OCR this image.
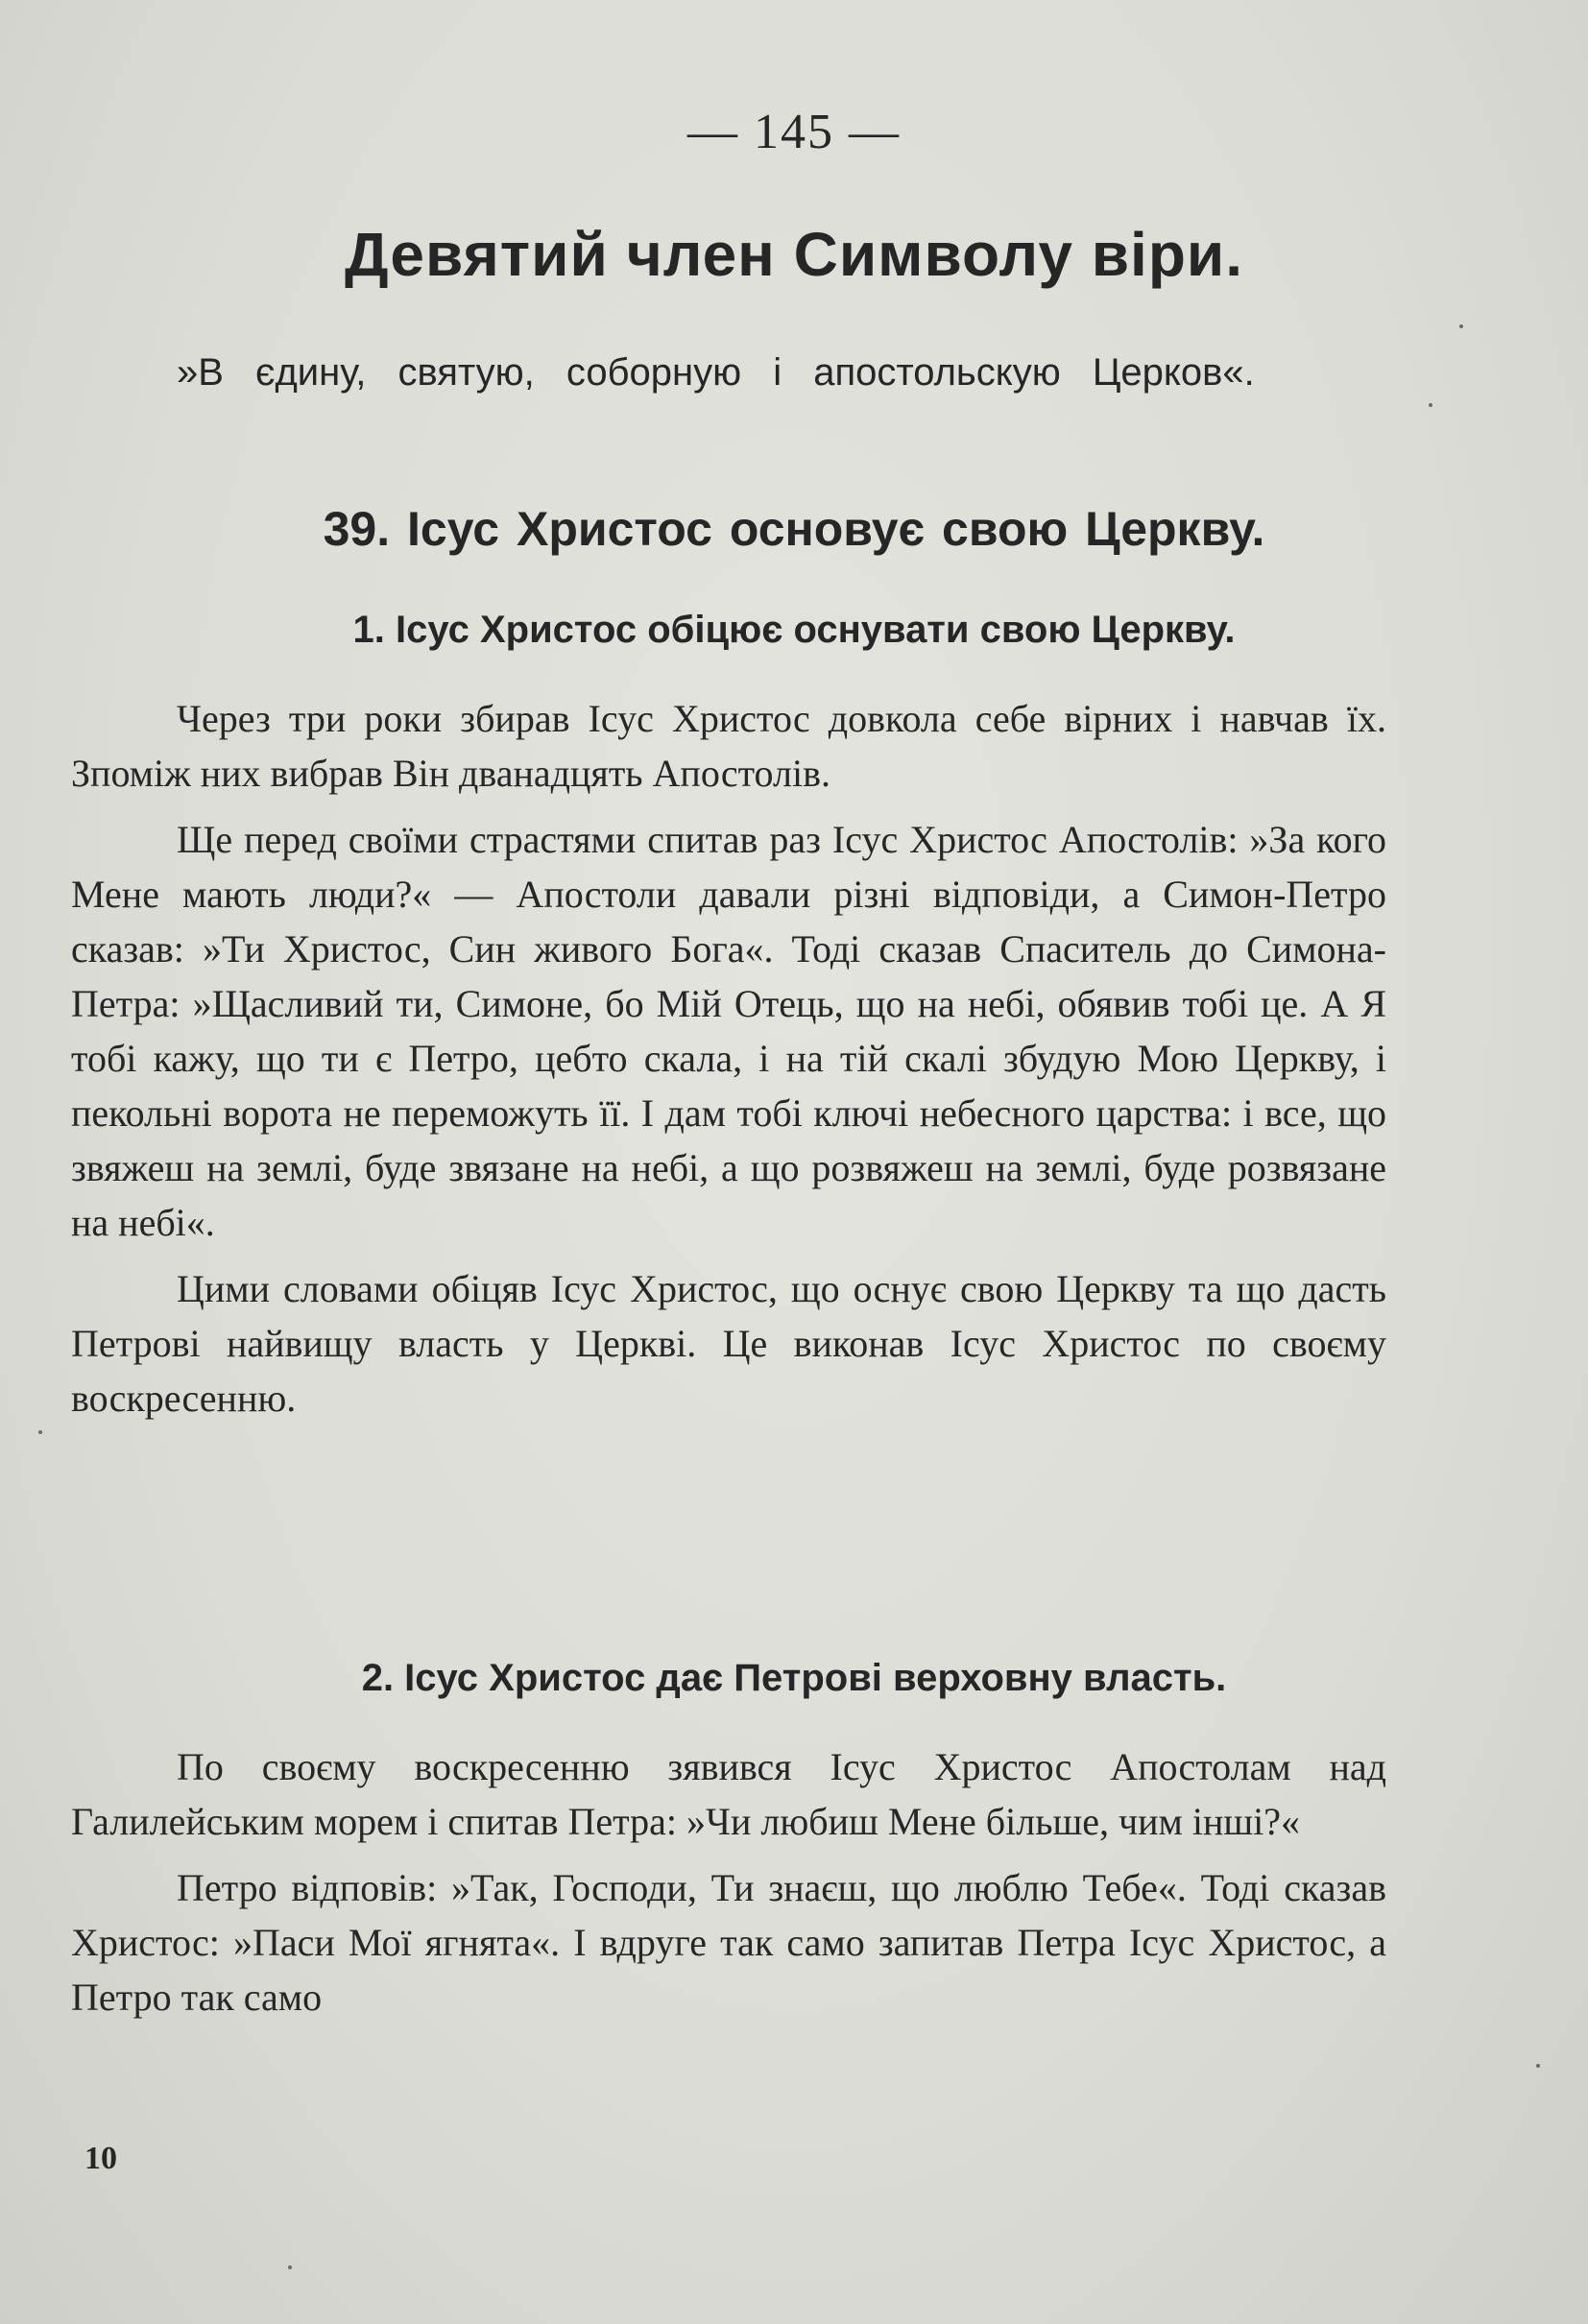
— 145 —
Девятий член Символу віри.

»В єдину, святую, соборную і апостольскую Церков«.

39. Ісус Христос основує свою Церкву.
1. Ісус Христос обіцює оснувати свою Церкву.

Через три роки збирав Ісус Христос довкола себе вірних і навчав їх. Зпоміж них вибрав Він дванадцять Апостолів.

Ще перед своїми страстями спитав раз Ісус Христос Апостолів: »За кого Мене мають люди?« — Апостоли давали різні відповіди, а Симон-Петро сказав: »Ти Христос, Син живого Бога«. Тоді сказав Спаситель до Симона-Петра: »Щасливий ти, Симоне, бо Мій Отець, що на небі, обявив тобі це. А Я тобі кажу, що ти є Петро, цебто скала, і на тій скалі збудую Мою Церкву, і пекольні ворота не переможуть її. І дам тобі ключі небесного царства: і все, що звяжеш на землі, буде звязане на небі, а що розвяжеш на землі, буде розвязане на небі«.

Цими словами обіцяв Ісус Христос, що оснує свою Церкву та що дасть Петрові найвищу власть у Церкві. Це виконав Ісус Христос по своєму воскресенню.

2. Ісус Христос дає Петрові верховну власть.

По своєму воскресенню зявився Ісус Христос Апостолам над Галилейським морем і спитав Петра: »Чи любиш Мене більше, чим інші?«

Петро відповів: »Так, Господи, Ти знаєш, що люблю Тебе«. Тоді сказав Христос: »Паси Мої ягнята«. І вдруге так само запитав Петра Ісус Христос, а Петро так само

10
